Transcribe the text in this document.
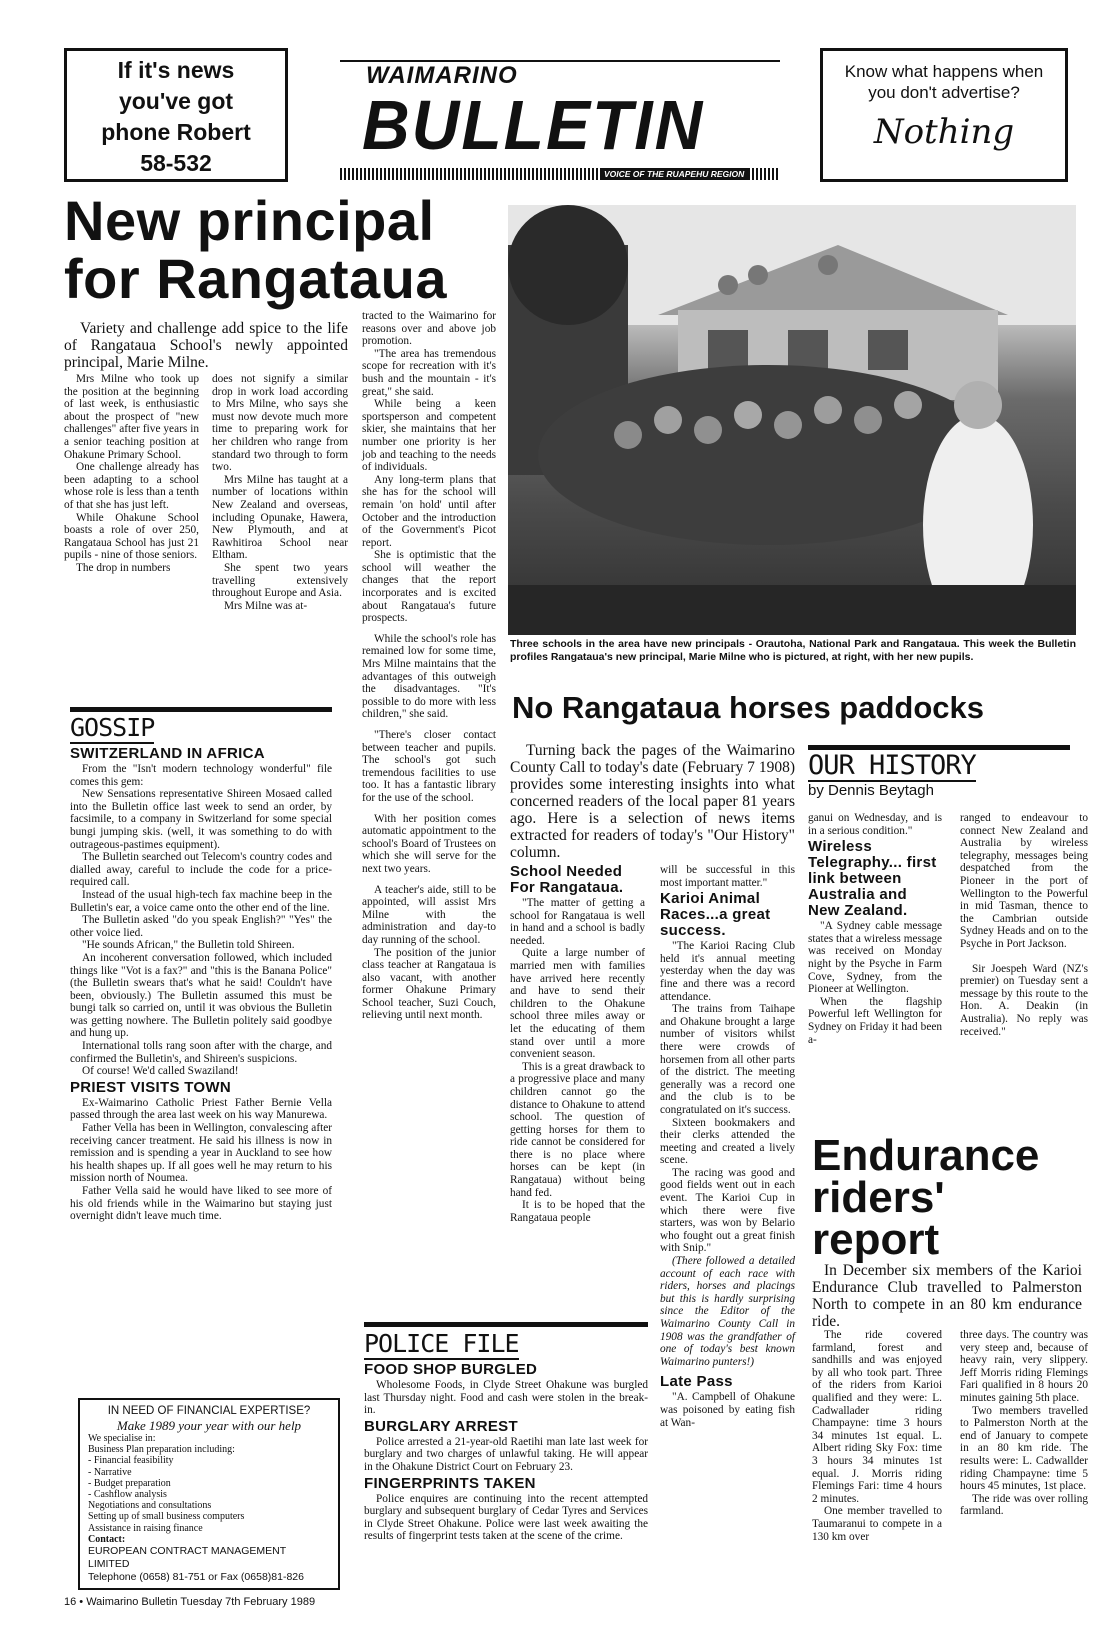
If it's news
you've got
phone Robert
58-532
WAIMARINO
BULLETIN
VOICE OF THE RUAPEHU REGION
Know what happens when
you don't advertise?
Nothing
New principal
for Rangataua
Variety and challenge add spice to the life of Rangataua School's newly appointed principal, Marie Milne.

Mrs Milne who took up the position at the beginning of last week, is enthusiastic about the prospect of "new challenges" after five years in a senior teaching position at Ohakune Primary School.

One challenge already has been adapting to a school whose role is less than a tenth of that she has just left.

While Ohakune School boasts a role of over 250, Rangataua School has just 21 pupils - nine of those seniors.

The drop in numbers

does not signify a similar drop in work load according to Mrs Milne, who says she must now devote much more time to preparing work for her children who range from standard two through to form two.

Mrs Milne has taught at a number of locations within New Zealand and overseas, including Opunake, Hawera, New Plymouth, and at Rawhitiroa School near Eltham.

She spent two years travelling extensively throughout Europe and Asia.

Mrs Milne was at-

tracted to the Waimarino for reasons over and above job promotion.

"The area has tremendous scope for recreation with it's bush and the mountain - it's great," she said.

While being a keen sportsperson and competent skier, she maintains that her number one priority is her job and teaching to the needs of individuals.

Any long-term plans that she has for the school will remain 'on hold' until after October and the introduction of the Government's Picot report.

She is optimistic that the school will weather the changes that the report incorporates and is excited about Rangataua's future prospects.

While the school's role has remained low for some time, Mrs Milne maintains that the advantages of this outweigh the disadvantages. "It's possible to do more with less children," she said.

"There's closer contact between teacher and pupils. The school's got such tremendous facilities to use too. It has a fantastic library for the use of the school.

With her position comes automatic appointment to the school's Board of Trustees on which she will serve for the next two years.

A teacher's aide, still to be appointed, will assist Mrs Milne with the administration and day-to day running of the school.

The position of the junior class teacher at Rangataua is also vacant, with another former Ohakune Primary School teacher, Suzi Couch, relieving until next month.

Three schools in the area have new principals - Orautoha, National Park and Rangataua. This week the Bulletin profiles Rangataua's new principal, Marie Milne who is pictured, at right, with her new pupils.
GOSSIP
SWITZERLAND IN AFRICA

From the "Isn't modern technology wonderful" file comes this gem:

New Sensations representative Shireen Mosaed called into the Bulletin office last week to send an order, by facsimile, to a company in Switzerland for some special bungi jumping skis. (well, it was something to do with outrageous-pastimes equipment).

The Bulletin searched out Telecom's country codes and dialled away, careful to include the code for a price-required call.

Instead of the usual high-tech fax machine beep in the Bulletin's ear, a voice came onto the other end of the line.

The Bulletin asked "do you speak English?" "Yes" the other voice lied.

"He sounds African," the Bulletin told Shireen.

An incoherent conversation followed, which included things like "Vot is a fax?" and "this is the Banana Police" (the Bulletin swears that's what he said! Couldn't have been, obviously.) The Bulletin assumed this must be bungi talk so carried on, until it was obvious the Bulletin was getting nowhere. The Bulletin politely said goodbye and hung up.

International tolls rang soon after with the charge, and confirmed the Bulletin's, and Shireen's suspicions.

Of course! We'd called Swaziland!

PRIEST VISITS TOWN

Ex-Waimarino Catholic Priest Father Bernie Vella passed through the area last week on his way Manurewa.

Father Vella has been in Wellington, convalescing after receiving cancer treatment. He said his illness is now in remission and is spending a year in Auckland to see how his health shapes up. If all goes well he may return to his mission north of Noumea.

Father Vella said he would have liked to see more of his old friends while in the Waimarino but staying just overnight didn't leave much time.

IN NEED OF FINANCIAL EXPERTISE?
Make 1989 your year with our help
We specialise in:
Business Plan preparation including:
- Financial feasibility
- Narrative
- Budget preparation
- Cashflow analysis
Negotiations and consultations
Setting up of small business computers
Assistance in raising finance
Contact:
EUROPEAN CONTRACT MANAGEMENT LIMITED
Telephone (0658) 81-751 or Fax (0658)81-826
16 • Waimarino Bulletin Tuesday 7th February 1989
No Rangataua horses paddocks
Turning back the pages of the Waimarino County Call to today's date (February 7 1908) provides some interesting insights into what concerned readers of the local paper 81 years ago. Here is a selection of news items extracted for readers of today's "Our History" column.
School Needed For Rangataua.

"The matter of getting a school for Rangataua is well in hand and a school is badly needed.

Quite a large number of married men with families have arrived here recently and have to send their children to the Ohakune school three miles away or let the educating of them stand over until a more convenient season.

This is a great drawback to a progressive place and many children cannot go the distance to Ohakune to attend school. The question of getting horses for them to ride cannot be considered for there is no place where horses can be kept (in Rangataua) without being hand fed.

It is to be hoped that the Rangataua people

will be successful in this most important matter."

Karioi Animal Races...a great success.

"The Karioi Racing Club held it's annual meeting yesterday when the day was fine and there was a record attendance.

The trains from Taihape and Ohakune brought a large number of visitors whilst there were crowds of horsemen from all other parts of the district. The meeting generally was a record one and the club is to be congratulated on it's success.

Sixteen bookmakers and their clerks attended the meeting and created a lively scene.

The racing was good and good fields went out in each event. The Karioi Cup in which there were five starters, was won by Belario who fought out a great finish with Snip."

(There followed a detailed account of each race with riders, horses and placings but this is hardly surprising since the Editor of the Waimarino County Call in 1908 was the grandfather of one of today's best known Waimarino punters!)

Late Pass

"A. Campbell of Ohakune was poisoned by eating fish at Wan-

OUR HISTORY
by Dennis Beytagh

ganui on Wednesday, and is in a serious condition."

Wireless Telegraphy... first link between Australia and New Zealand.

"A Sydney cable message states that a wireless message was received on Monday night by the Psyche in Farm Cove, Sydney, from the Pioneer at Wellington.

When the flagship Powerful left Wellington for Sydney on Friday it had been a-

ranged to endeavour to connect New Zealand and Australia by wireless telegraphy, messages being despatched from the Pioneer in the port of Wellington to the Powerful in mid Tasman, thence to the Cambrian outside Sydney Heads and on to the Psyche in Port Jackson.

Sir Joespeh Ward (NZ's premier) on Tuesday sent a message by this route to the Hon. A. Deakin (in Australia). No reply was received."

POLICE FILE
FOOD SHOP BURGLED

Wholesome Foods, in Clyde Street Ohakune was burgled last Thursday night. Food and cash were stolen in the break-in.

BURGLARY ARREST

Police arrested a 21-year-old Raetihi man late last week for burglary and two charges of unlawful taking. He will appear in the Ohakune District Court on February 23.

FINGERPRINTS TAKEN

Police enquires are continuing into the recent attempted burglary and subsequent burglary of Cedar Tyres and Services in Clyde Street Ohakune. Police were last week awaiting the results of fingerprint tests taken at the scene of the crime.

Endurance
riders'
report
In December six members of the Karioi Endurance Club travelled to Palmerston North to compete in an 80 km endurance ride.

The ride covered farmland, forest and sandhills and was enjoyed by all who took part. Three of the riders from Karioi qualified and they were: L. Cadwallader riding Champayne: time 3 hours 34 minutes 1st equal. L. Albert riding Sky Fox: time 3 hours 34 minutes 1st equal. J. Morris riding Flemings Fari: time 4 hours 2 minutes.

One member travelled to Taumaranui to compete in a 130 km over

three days. The country was very steep and, because of heavy rain, very slippery. Jeff Morris riding Flemings Fari qualified in 8 hours 20 minutes gaining 5th place.

Two members travelled to Palmerston North at the end of January to compete in an 80 km ride. The results were: L. Cadwallder riding Champayne: time 5 hours 45 minutes, 1st place.

The ride was over rolling farmland.
